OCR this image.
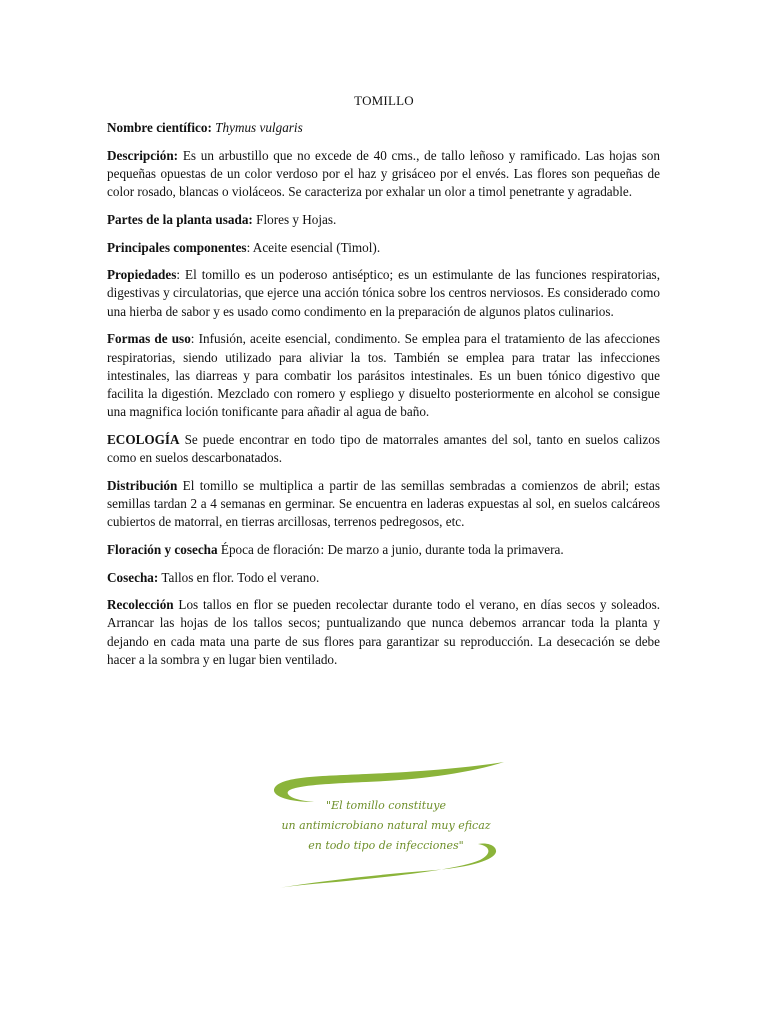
TOMILLO

Nombre científico: Thymus vulgaris

Descripción: Es un arbustillo que no excede de 40 cms., de tallo leñoso y ramificado. Las hojas son pequeñas opuestas de un color verdoso por el haz y grisáceo por el envés. Las flores son pequeñas de color rosado, blancas o violáceos. Se caracteriza por exhalar un olor a timol penetrante y agradable.

Partes de la planta usada: Flores y Hojas.

Principales componentes: Aceite esencial (Timol).

Propiedades: El tomillo es un poderoso antiséptico; es un estimulante de las funciones respiratorias, digestivas y circulatorias, que ejerce una acción tónica sobre los centros nerviosos. Es considerado como una hierba de sabor y es usado como condimento en la preparación de algunos platos culinarios.

Formas de uso: Infusión, aceite esencial, condimento. Se emplea para el tratamiento de las afecciones respiratorias, siendo utilizado para aliviar la tos. También se emplea para tratar las infecciones intestinales, las diarreas y para combatir los parásitos intestinales. Es un buen tónico digestivo que facilita la digestión. Mezclado con romero y espliego y disuelto posteriormente en alcohol se consigue una magnifica loción tonificante para añadir al agua de baño.

ECOLOGÍA Se puede encontrar en todo tipo de matorrales amantes del sol, tanto en suelos calizos como en suelos descarbonatados.

Distribución El tomillo se multiplica a partir de las semillas sembradas a comienzos de abril; estas semillas tardan 2 a 4 semanas en germinar. Se encuentra en laderas expuestas al sol, en suelos calcáreos cubiertos de matorral, en tierras arcillosas, terrenos pedregosos, etc.

Floración y cosecha Época de floración: De marzo a junio, durante toda la primavera.

Cosecha: Tallos en flor. Todo el verano.

Recolección Los tallos en flor se pueden recolectar durante todo el verano, en días secos y soleados. Arrancar las hojas de los tallos secos; puntualizando que nunca debemos arrancar toda la planta y dejando en cada mata una parte de sus flores para garantizar su reproducción. La desecación se debe hacer a la sombra y en lugar bien ventilado.

"El tomillo constituye
un antimicrobiano natural muy eficaz
en todo tipo de infecciones"
